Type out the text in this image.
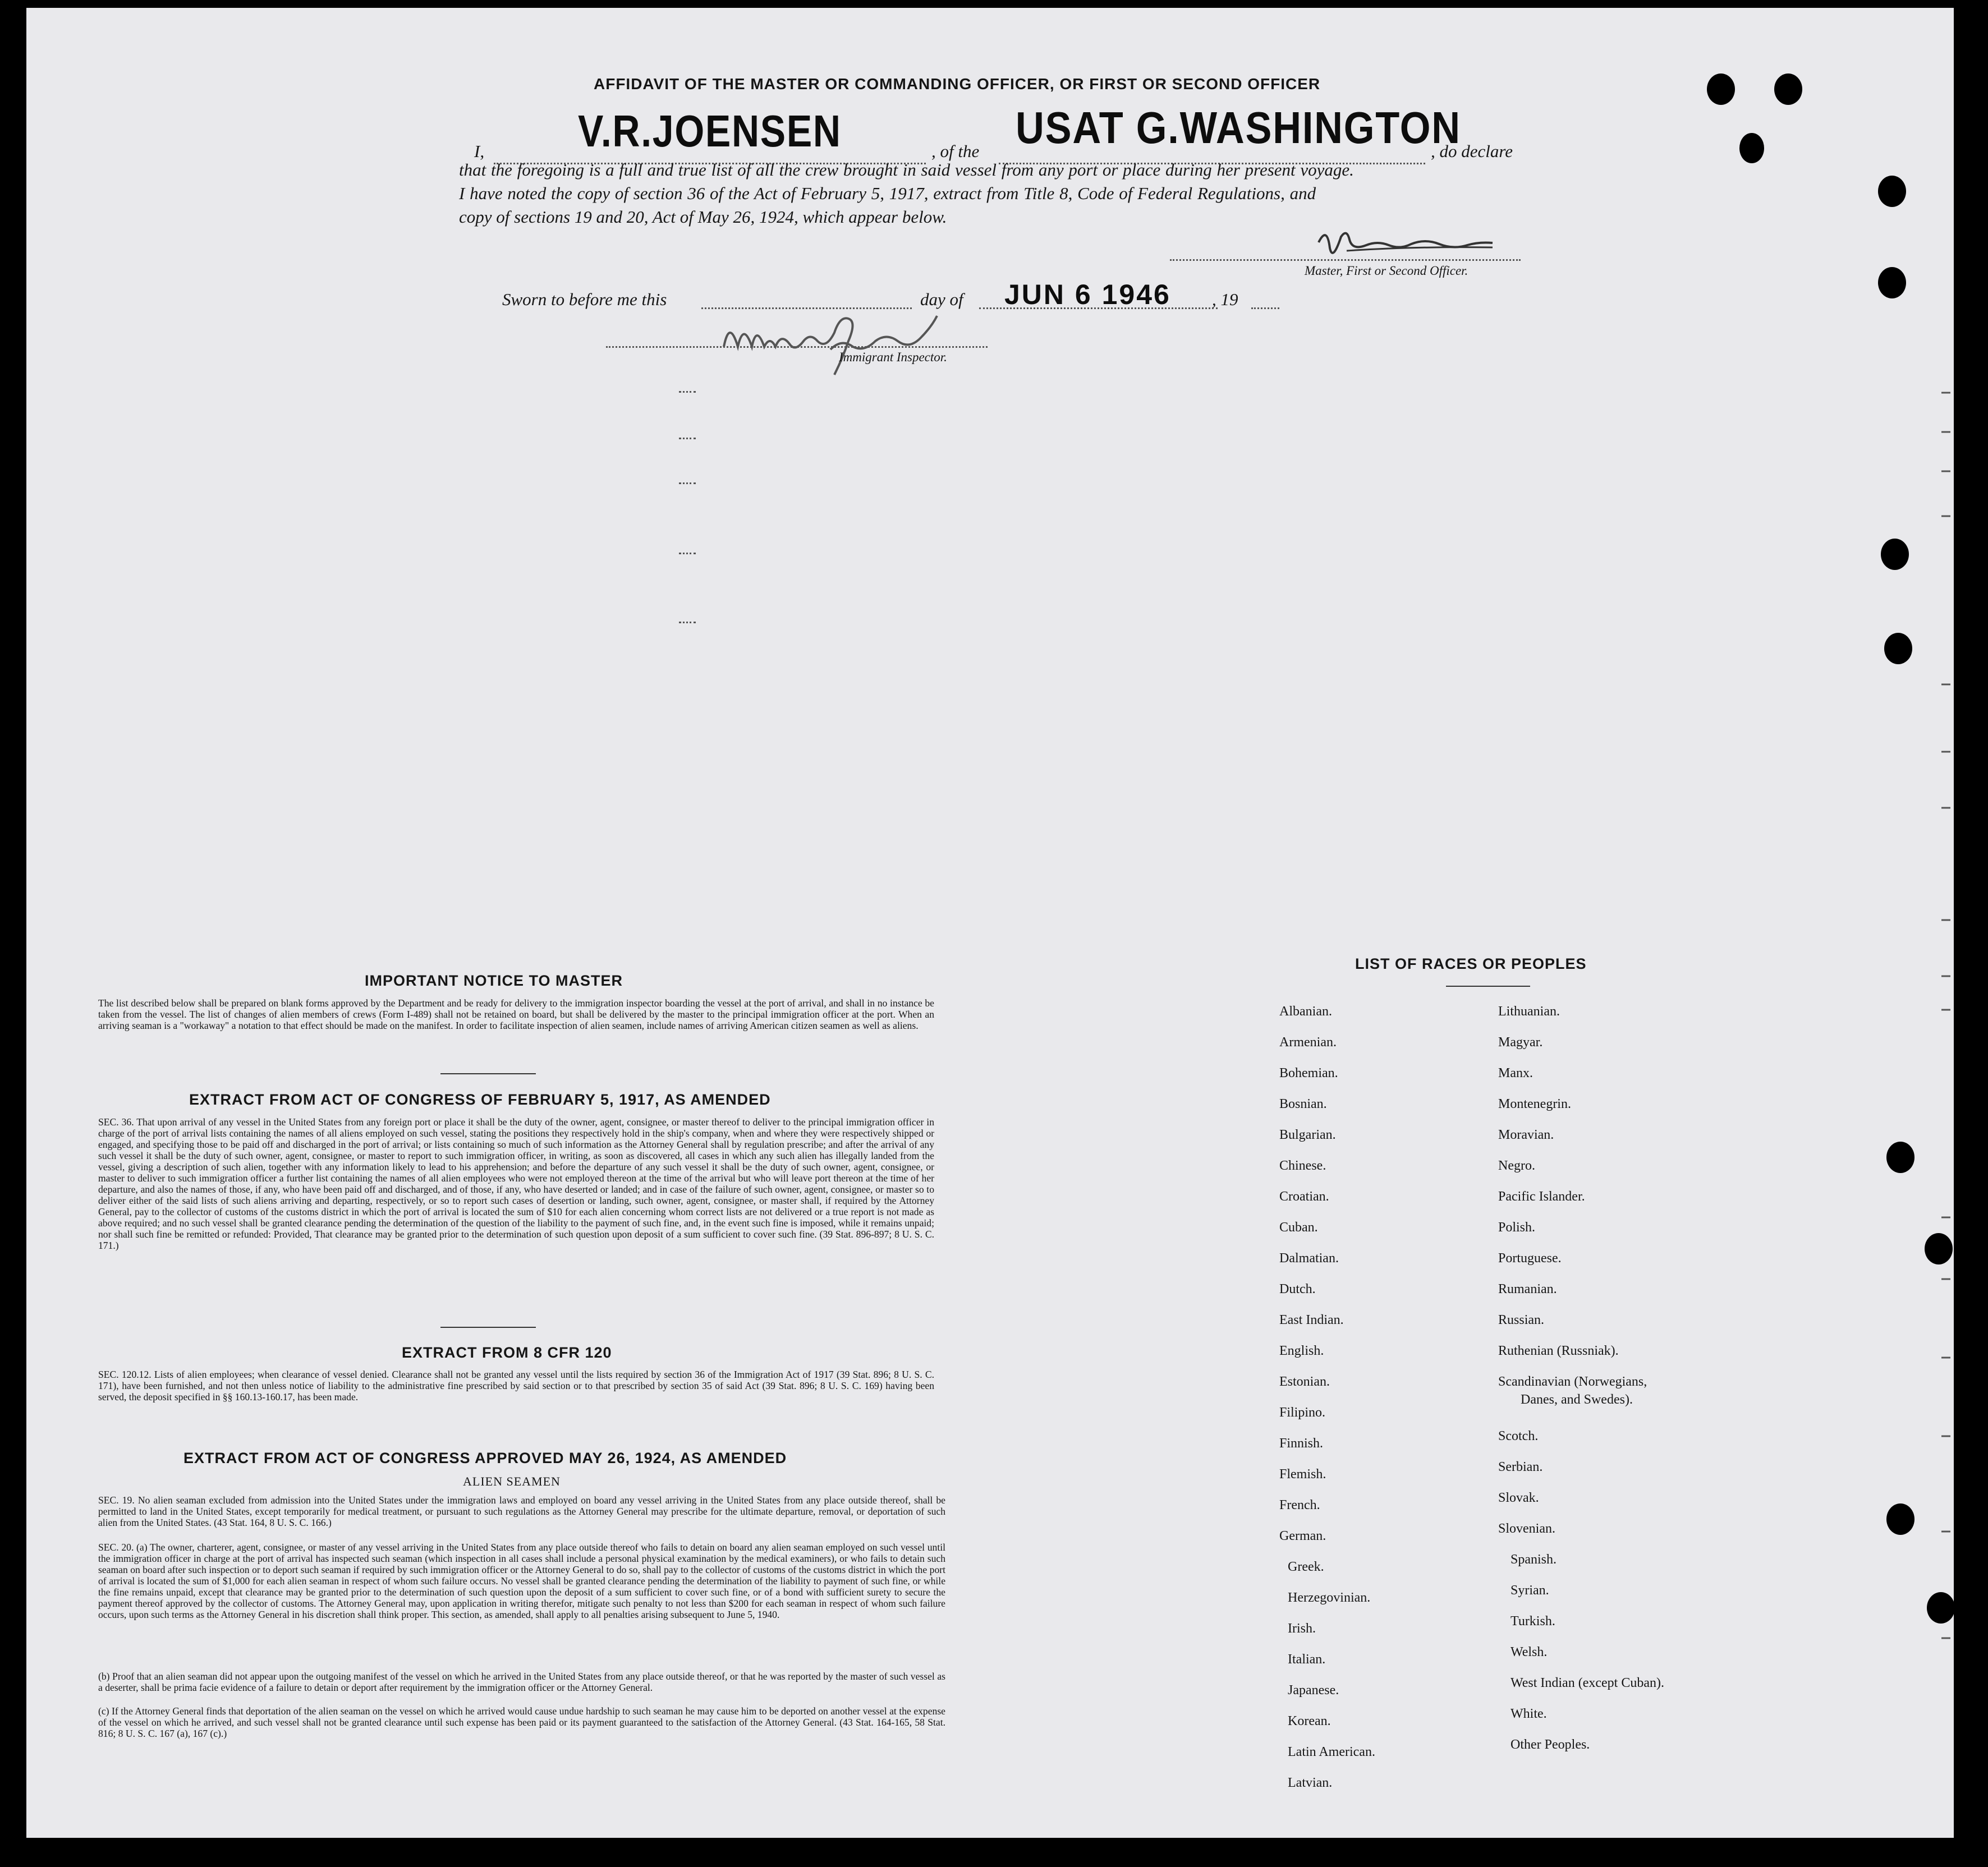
AFFIDAVIT OF THE MASTER OR COMMANDING OFFICER, OR FIRST OR SECOND OFFICER
I, V.R.JOENSEN	, of the USAT G.WASHINGTON
, do declare
that the foregoing is a full and true list of all the crew brought in said vessel from any port or place during her present voyage.
I have noted the copy of section 36 of the Act of February 5, 1917, extract from Title 8, Code of Federal Regulations, and
copy of sections 19 and 20, Act of May 26, 1924, which appear below.
Master, First or Second Officer.
Sworn to before me this	day of JUN 6 1946 , 19
Immigrant Inspector.
IMPORTANT NOTICE TO MASTER
The list described below shall be prepared on blank forms approved by the Department and be ready for delivery to the immigration inspector boarding the vessel at the port of arrival, and shall in no instance be taken from the vessel. The list of changes of alien members of crews (Form I-489) shall not be retained on board, but shall be delivered by the master to the principal immigration officer at the port. When an arriving seaman is a "workaway" a notation to that effect should be made on the manifest. In order to facilitate inspection of alien seamen, include names of arriving American citizen seamen as well as aliens.
EXTRACT FROM ACT OF CONGRESS OF FEBRUARY 5, 1917, AS AMENDED
SEC. 36. That upon arrival of any vessel in the United States from any foreign port or place it shall be the duty of the owner, agent, consignee, or master thereof to deliver to the principal immigration officer in charge of the port of arrival lists containing the names of all aliens employed on such vessel, stating the positions they respectively hold in the ship's company, when and where they were respectively shipped or engaged, and specifying those to be paid off and discharged in the port of arrival; or lists containing so much of such information as the Attorney General shall by regulation prescribe; and after the arrival of any such vessel it shall be the duty of such owner, agent, consignee, or master to report to such immigration officer, in writing, as soon as discovered, all cases in which any such alien has illegally landed from the vessel, giving a description of such alien, together with any information likely to lead to his apprehension; and before the departure of any such vessel it shall be the duty of such owner, agent, consignee, or master to deliver to such immigration officer a further list containing the names of all alien employees who were not employed thereon at the time of the arrival but who will leave port thereon at the time of her departure, and also the names of those, if any, who have been paid off and discharged, and of those, if any, who have deserted or landed; and in case of the failure of such owner, agent, consignee, or master so to deliver either of the said lists of such aliens arriving and departing, respectively, or so to report such cases of desertion or landing, such owner, agent, consignee, or master shall, if required by the Attorney General, pay to the collector of customs of the customs district in which the port of arrival is located the sum of $10 for each alien concerning whom correct lists are not delivered or a true report is not made as above required; and no such vessel shall be granted clearance pending the determination of the question of the liability to the payment of such fine, and, in the event such fine is imposed, while it remains unpaid; nor shall such fine be remitted or refunded: Provided, That clearance may be granted prior to the determination of such question upon deposit of a sum sufficient to cover such fine. (39 Stat. 896-897; 8 U. S. C. 171.)
EXTRACT FROM 8 CFR 120
SEC. 120.12. Lists of alien employees; when clearance of vessel denied. Clearance shall not be granted any vessel until the lists required by section 36 of the Immigration Act of 1917 (39 Stat. 896; 8 U. S. C. 171), have been furnished, and not then unless notice of liability to the administrative fine prescribed by said section or to that prescribed by section 35 of said Act (39 Stat. 896; 8 U. S. C. 169) having been served, the deposit specified in §§ 160.13-160.17, has been made.
EXTRACT FROM ACT OF CONGRESS APPROVED MAY 26, 1924, AS AMENDED
ALIEN SEAMEN
SEC. 19. No alien seaman excluded from admission into the United States under the immigration laws and employed on board any vessel arriving in the United States from any place outside thereof, shall be permitted to land in the United States, except temporarily for medical treatment, or pursuant to such regulations as the Attorney General may prescribe for the ultimate departure, removal, or deportation of such alien from the United States. (43 Stat. 164, 8 U. S. C. 166.)
SEC. 20. (a) The owner, charterer, agent, consignee, or master of any vessel arriving in the United States from any place outside thereof who fails to detain on board any alien seaman employed on such vessel until the immigration officer in charge at the port of arrival has inspected such seaman (which inspection in all cases shall include a personal physical examination by the medical examiners), or who fails to detain such seaman on board after such inspection or to deport such seaman if required by such immigration officer or the Attorney General to do so, shall pay to the collector of customs of the customs district in which the port of arrival is located the sum of $1,000 for each alien seaman in respect of whom such failure occurs. No vessel shall be granted clearance pending the determination of the liability to payment of such fine, or while the fine remains unpaid, except that clearance may be granted prior to the determination of such question upon the deposit of a sum sufficient to cover such fine, or of a bond with sufficient surety to secure the payment thereof approved by the collector of customs. The Attorney General may, upon application in writing therefor, mitigate such penalty to not less than $200 for each seaman in respect of whom such failure occurs, upon such terms as the Attorney General in his discretion shall think proper. This section, as amended, shall apply to all penalties arising subsequent to June 5, 1940.
(b) Proof that an alien seaman did not appear upon the outgoing manifest of the vessel on which he arrived in the United States from any place outside thereof, or that he was reported by the master of such vessel as a deserter, shall be prima facie evidence of a failure to detain or deport after requirement by the immigration officer or the Attorney General.
(c) If the Attorney General finds that deportation of the alien seaman on the vessel on which he arrived would cause undue hardship to such seaman he may cause him to be deported on another vessel at the expense of the vessel on which he arrived, and such vessel shall not be granted clearance until such expense has been paid or its payment guaranteed to the satisfaction of the Attorney General. (43 Stat. 164-165, 58 Stat. 816; 8 U. S. C. 167 (a), 167 (c).)
LIST OF RACES OR PEOPLES
Albanian.
Armenian.
Bohemian.
Bosnian.
Bulgarian.
Chinese.
Croatian.
Cuban.
Dalmatian.
Dutch.
East Indian.
English.
Estonian.
Filipino.
Finnish.
Flemish.
French.
German.
Greek.
Herzegovinian.
Irish.
Italian.
Japanese.
Korean.
Latin American.
Latvian.
Lithuanian.
Magyar.
Manx.
Montenegrin.
Moravian.
Negro.
Pacific Islander.
Polish.
Portuguese.
Rumanian.
Russian.
Ruthenian (Russniak).
Scandinavian (Norwegians,
Danes, and Swedes).
Scotch.
Serbian.
Slovak.
Slovenian.
Spanish.
Syrian.
Turkish.
Welsh.
West Indian (except Cuban).
White.
Other Peoples.
